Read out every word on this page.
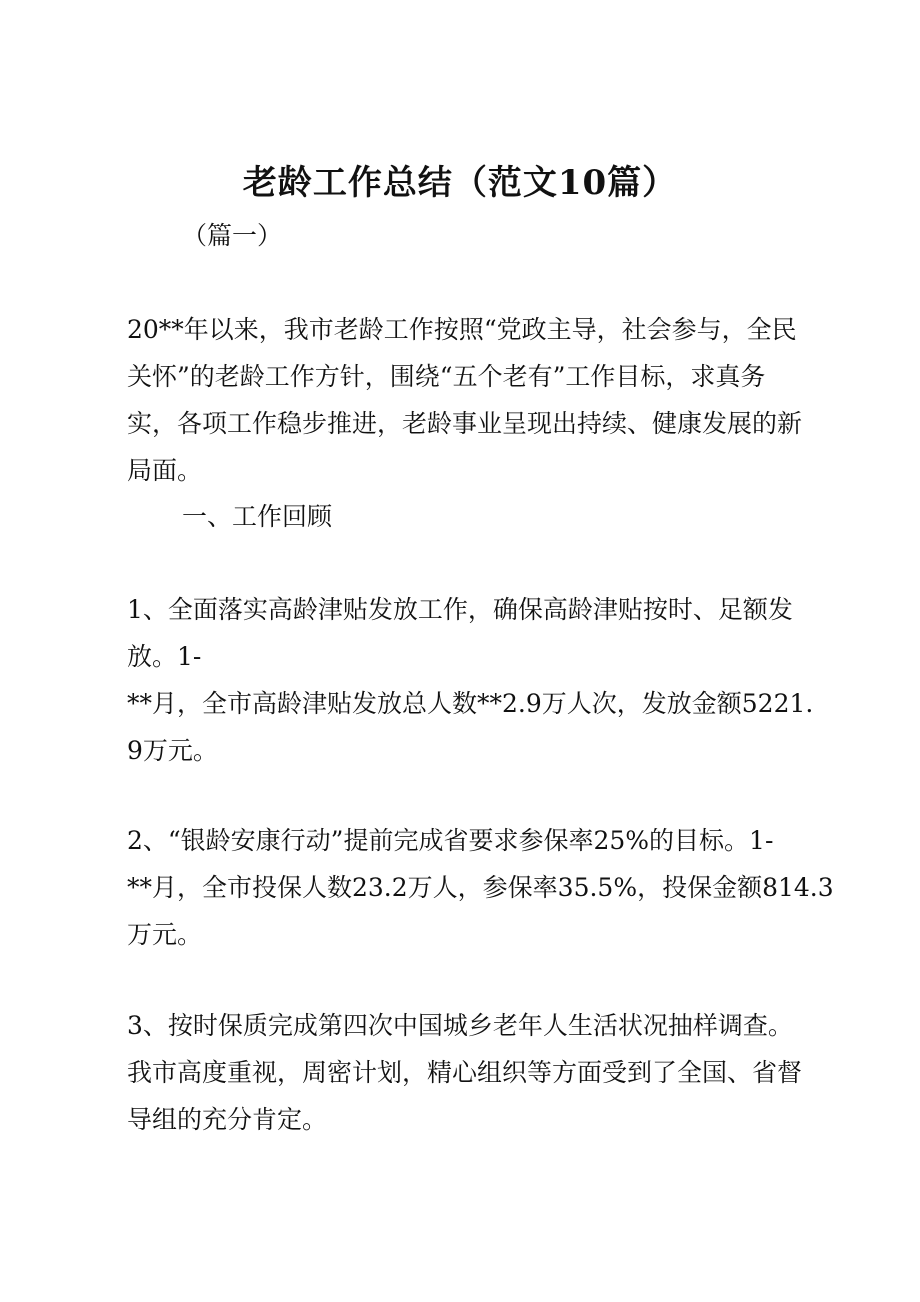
老龄工作总结（范文10篇）
（篇一）
20**年以来，我市老龄工作按照“党政主导，社会参与，全民
关怀”的老龄工作方针，围绕“五个老有”工作目标，求真务
实，各项工作稳步推进，老龄事业呈现出持续、健康发展的新
局面。
一、工作回顾
1、全面落实高龄津贴发放工作，确保高龄津贴按时、足额发
放。1-
**月，全市高龄津贴发放总人数**2.9万人次，发放金额5221.
9万元。
2、“银龄安康行动”提前完成省要求参保率25%的目标。1-
**月，全市投保人数23.2万人，参保率35.5%，投保金额814.3
万元。
3、按时保质完成第四次中国城乡老年人生活状况抽样调查。
我市高度重视，周密计划，精心组织等方面受到了全国、省督
导组的充分肯定。
